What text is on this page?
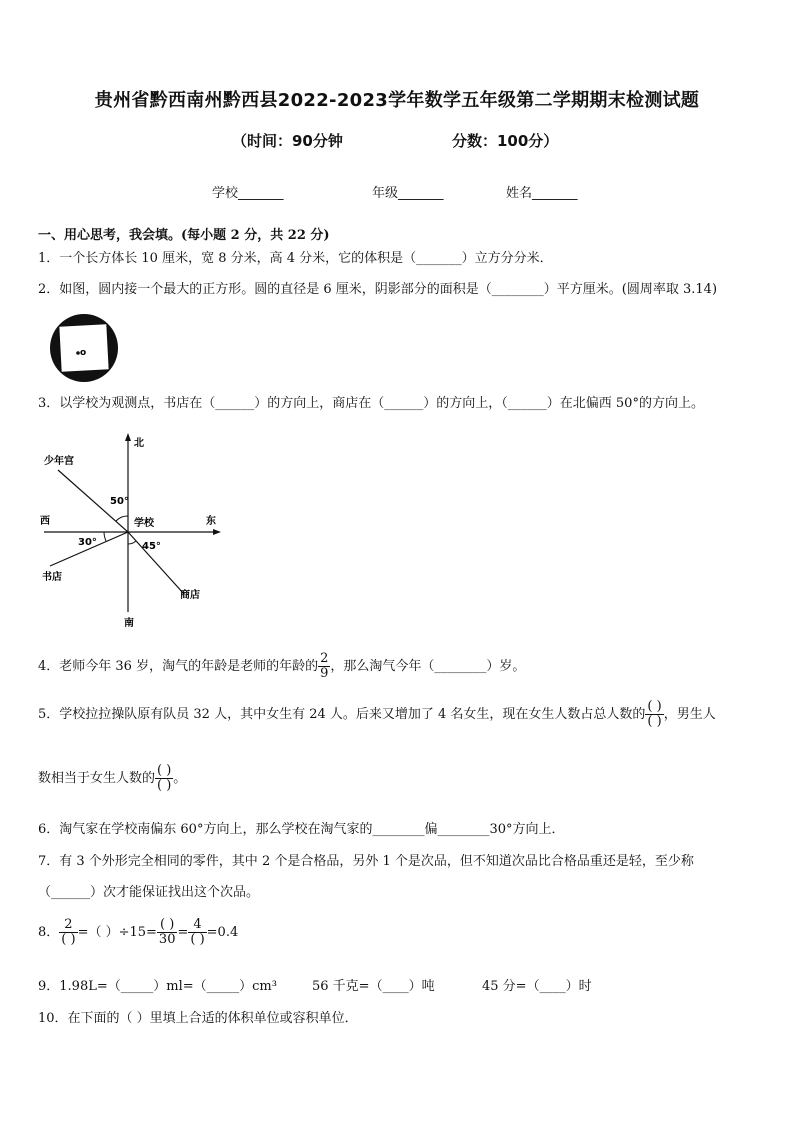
贵州省黔西南州黔西县2022-2023学年数学五年级第二学期期末检测试题
（时间：90分钟	分数：100分）
学校_______	年级_______	姓名_______
一、用心思考，我会填。(每小题 2 分，共 22 分)
1．一个长方体长 10 厘米，宽 8 分米，高 4 分米，它的体积是（_______）立方分分米．
2．如图，圆内接一个最大的正方形。圆的直径是 6 厘米，阴影部分的面积是（________）平方厘米。(圆周率取 3.14)
o
3．以学校为观测点，书店在（______）的方向上，商店在（______）的方向上，（______）在北偏西 50°的方向上。
北
南
东
西	学校
少年宫
书店
商店
50°
30°	45°
4．老师今年 36 岁，淘气的年龄是老师的年龄的 $\frac{2}{9}$ ，那么淘气今年（________）岁。
5．学校拉拉操队原有队员 32 人，其中女生有 24 人。后来又增加了 4 名女生，现在女生人数占总人数的 $\frac{( )}{( )}$ ，男生人
数相当于女生人数的 $\frac{( )}{( )}$ 。
6．淘气家在学校南偏东 60°方向上，那么学校在淘气家的________偏________30°方向上．
7．有 3 个外形完全相同的零件，其中 2 个是合格品，另外 1 个是次品，但不知道次品比合格品重还是轻，至少称
（______）次才能保证找出这个次品。
8． $\frac{2}{( )}$ =（ ）$\div 15= \frac{( )}{30} = \frac{4}{( )} =0.4$
9．1.98L=（_____）ml=（_____）cm³	56 千克=（____）吨	45 分=（____）时
10．在下面的（ ）里填上合适的体积单位或容积单位．
